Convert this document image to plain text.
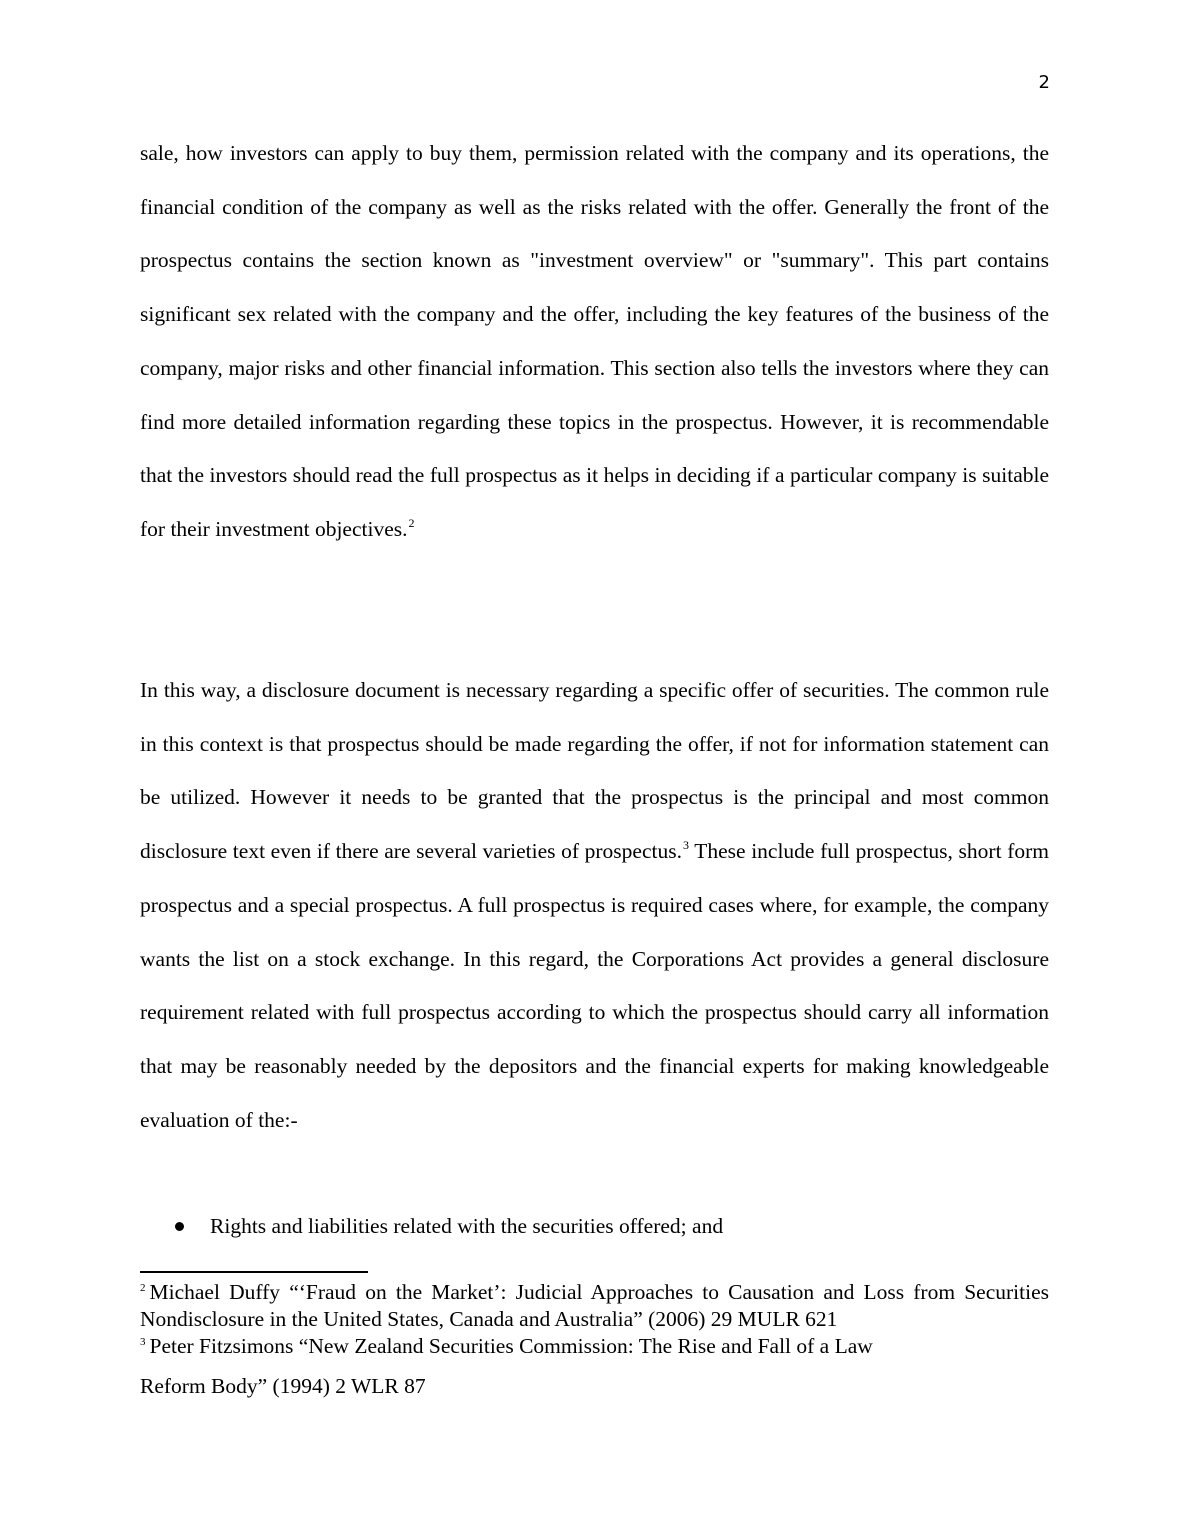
2

sale, how investors can apply to buy them, permission related with the company and its operations, the financial condition of the company as well as the risks related with the offer. Generally the front of the prospectus contains the section known as "investment overview" or "summary". This part contains significant sex related with the company and the offer, including the key features of the business of the company, major risks and other financial information. This section also tells the investors where they can find more detailed information regarding these topics in the prospectus. However, it is recommendable that the investors should read the full prospectus as it helps in deciding if a particular company is suitable for their investment objectives.$^2$

In this way, a disclosure document is necessary regarding a specific offer of securities. The common rule in this context is that prospectus should be made regarding the offer, if not for information statement can be utilized. However it needs to be granted that the prospectus is the principal and most common disclosure text even if there are several varieties of prospectus.$^3$ These include full prospectus, short form prospectus and a special prospectus. A full prospectus is required cases where, for example, the company wants the list on a stock exchange. In this regard, the Corporations Act provides a general disclosure requirement related with full prospectus according to which the prospectus should carry all information that may be reasonably needed by the depositors and the financial experts for making knowledgeable evaluation of the:-

Rights and liabilities related with the securities offered; and

$^2$ Michael Duffy “‘Fraud on the Market’: Judicial Approaches to Causation and Loss from Securities Nondisclosure in the United States, Canada and Australia” (2006) 29 MULR 621

$^3$ Peter Fitzsimons “New Zealand Securities Commission: The Rise and Fall of a Law

Reform Body” (1994) 2 WLR 87
